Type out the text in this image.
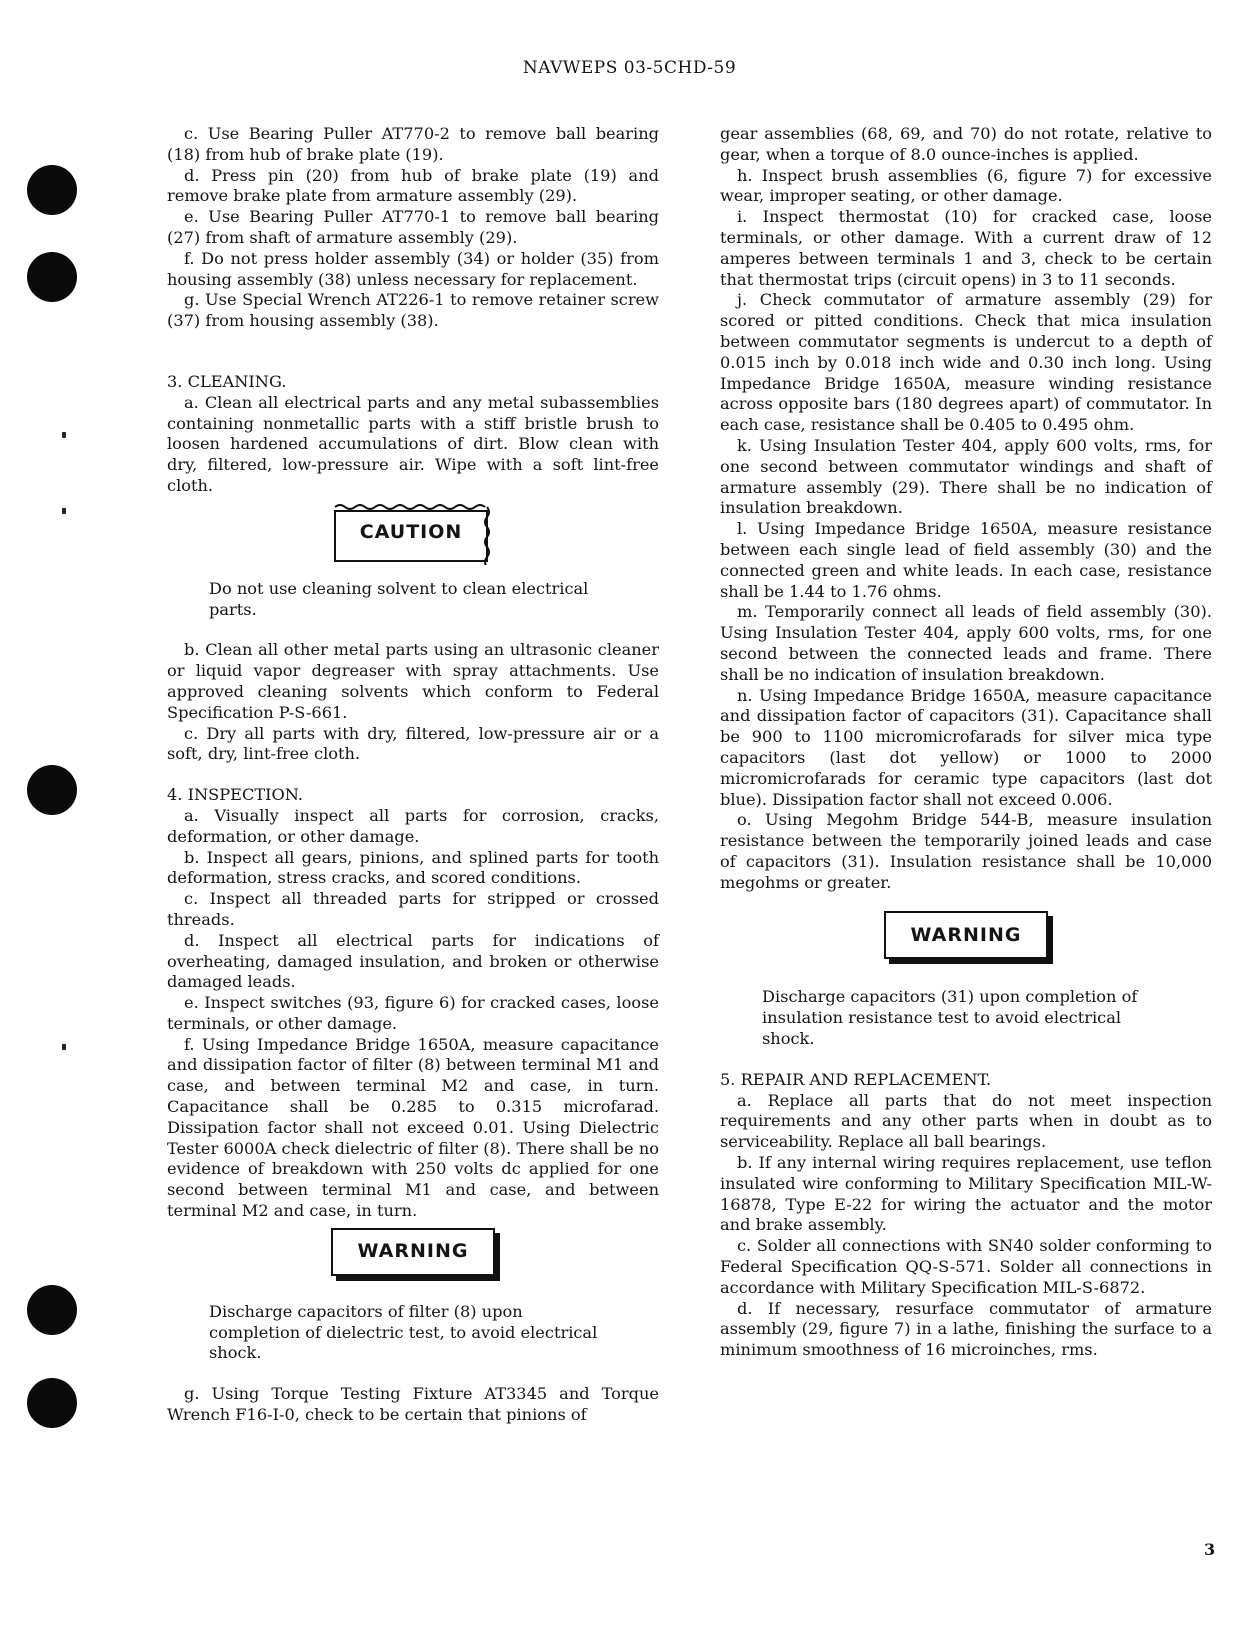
NAVWEPS 03-5CHD-59

c. Use Bearing Puller AT770-2 to remove ball bearing (18) from hub of brake plate (19).

d. Press pin (20) from hub of brake plate (19) and remove brake plate from armature assembly (29).

e. Use Bearing Puller AT770-1 to remove ball bearing (27) from shaft of armature assembly (29).

f. Do not press holder assembly (34) or holder (35) from housing assembly (38) unless necessary for replacement.

g. Use Special Wrench AT226-1 to remove retainer screw (37) from housing assembly (38).

3. CLEANING.

a. Clean all electrical parts and any metal subassemblies containing nonmetallic parts with a stiff bristle brush to loosen hardened accumulations of dirt. Blow clean with dry, filtered, low-pressure air. Wipe with a soft lint-free cloth.

CAUTION

Do not use cleaning solvent to clean electrical parts.

b. Clean all other metal parts using an ultrasonic cleaner or liquid vapor degreaser with spray attachments. Use approved cleaning solvents which conform to Federal Specification P-S-661.

c. Dry all parts with dry, filtered, low-pressure air or a soft, dry, lint-free cloth.

4. INSPECTION.

a. Visually inspect all parts for corrosion, cracks, deformation, or other damage.

b. Inspect all gears, pinions, and splined parts for tooth deformation, stress cracks, and scored conditions.

c. Inspect all threaded parts for stripped or crossed threads.

d. Inspect all electrical parts for indications of overheating, damaged insulation, and broken or otherwise damaged leads.

e. Inspect switches (93, figure 6) for cracked cases, loose terminals, or other damage.

f. Using Impedance Bridge 1650A, measure capacitance and dissipation factor of filter (8) between terminal M1 and case, and between terminal M2 and case, in turn. Capacitance shall be 0.285 to 0.315 microfarad. Dissipation factor shall not exceed 0.01. Using Dielectric Tester 6000A check dielectric of filter (8). There shall be no evidence of breakdown with 250 volts dc applied for one second between terminal M1 and case, and between terminal M2 and case, in turn.

WARNING

Discharge capacitors of filter (8) upon completion of dielectric test, to avoid electrical shock.

g. Using Torque Testing Fixture AT3345 and Torque Wrench F16-I-0, check to be certain that pinions of

gear assemblies (68, 69, and 70) do not rotate, relative to gear, when a torque of 8.0 ounce-inches is applied.

h. Inspect brush assemblies (6, figure 7) for excessive wear, improper seating, or other damage.

i. Inspect thermostat (10) for cracked case, loose terminals, or other damage. With a current draw of 12 amperes between terminals 1 and 3, check to be certain that thermostat trips (circuit opens) in 3 to 11 seconds.

j. Check commutator of armature assembly (29) for scored or pitted conditions. Check that mica insulation between commutator segments is undercut to a depth of 0.015 inch by 0.018 inch wide and 0.30 inch long. Using Impedance Bridge 1650A, measure winding resistance across opposite bars (180 degrees apart) of commutator. In each case, resistance shall be 0.405 to 0.495 ohm.

k. Using Insulation Tester 404, apply 600 volts, rms, for one second between commutator windings and shaft of armature assembly (29). There shall be no indication of insulation breakdown.

l. Using Impedance Bridge 1650A, measure resistance between each single lead of field assembly (30) and the connected green and white leads. In each case, resistance shall be 1.44 to 1.76 ohms.

m. Temporarily connect all leads of field assembly (30). Using Insulation Tester 404, apply 600 volts, rms, for one second between the connected leads and frame. There shall be no indication of insulation breakdown.

n. Using Impedance Bridge 1650A, measure capacitance and dissipation factor of capacitors (31). Capacitance shall be 900 to 1100 micromicrofarads for silver mica type capacitors (last dot yellow) or 1000 to 2000 micromicrofarads for ceramic type capacitors (last dot blue). Dissipation factor shall not exceed 0.006.

o. Using Megohm Bridge 544-B, measure insulation resistance between the temporarily joined leads and case of capacitors (31). Insulation resistance shall be 10,000 megohms or greater.

WARNING

Discharge capacitors (31) upon completion of insulation resistance test to avoid electrical shock.

5. REPAIR AND REPLACEMENT.

a. Replace all parts that do not meet inspection requirements and any other parts when in doubt as to serviceability. Replace all ball bearings.

b. If any internal wiring requires replacement, use teflon insulated wire conforming to Military Specification MIL-W-16878, Type E-22 for wiring the actuator and the motor and brake assembly.

c. Solder all connections with SN40 solder conforming to Federal Specification QQ-S-571. Solder all connections in accordance with Military Specification MIL-S-6872.

d. If necessary, resurface commutator of armature assembly (29, figure 7) in a lathe, finishing the surface to a minimum smoothness of 16 microinches, rms.

3
